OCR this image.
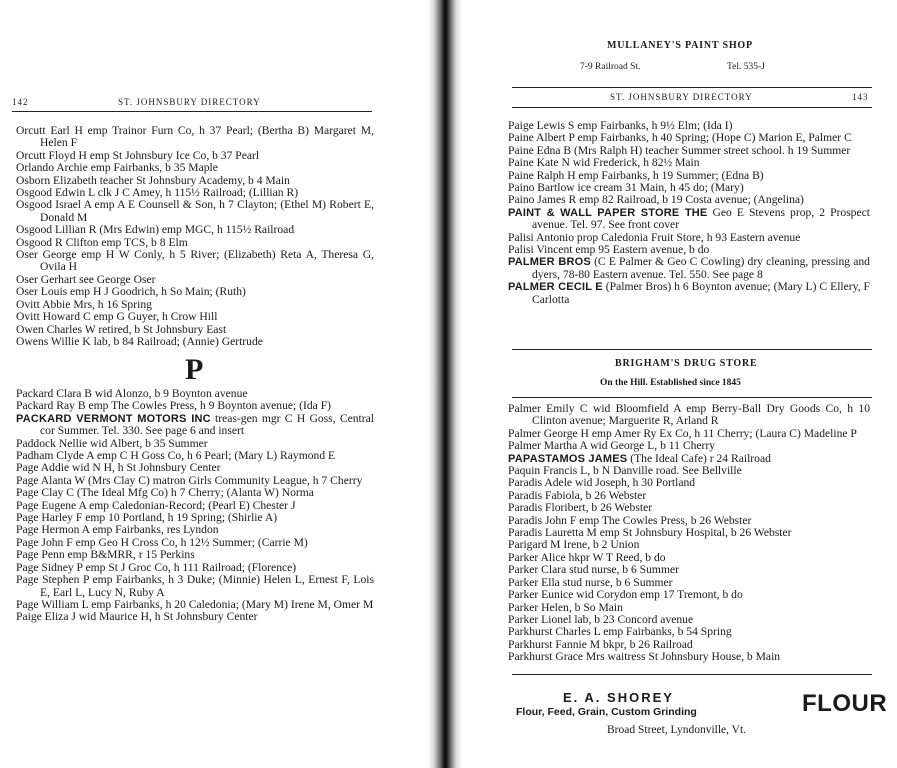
142	ST. JOHNSBURY DIRECTORY

Orcutt Earl H emp Trainor Furn Co, h 37 Pearl; (Bertha B) Margaret M, Helen F

Orcutt Floyd H emp St Johnsbury Ice Co, b 37 Pearl

Orlando Archie emp Fairbanks, b 35 Maple

Osborn Elizabeth teacher St Johnsbury Academy, b 4 Main

Osgood Edwin L clk J C Amey, h 115½ Railroad; (Lillian R)

Osgood Israel A emp A E Counsell & Son, h 7 Clayton; (Ethel M) Robert E, Donald M

Osgood Lillian R (Mrs Edwin) emp MGC, h 115½ Railroad

Osgood R Clifton emp TCS, b 8 Elm

Oser George emp H W Conly, h 5 River; (Elizabeth) Reta A, Theresa G, Ovila H

Oser Gerhart see George Oser

Oser Louis emp H J Goodrich, h So Main; (Ruth)

Ovitt Abbie Mrs, h 16 Spring

Ovitt Howard C emp G Guyer, h Crow Hill

Owen Charles W retired, b St Johnsbury East

Owens Willie K lab, b 84 Railroad; (Annie) Gertrude

P

Packard Clara B wid Alonzo, b 9 Boynton avenue

Packard Ray B emp The Cowles Press, h 9 Boynton avenue; (Ida F)

PACKARD VERMONT MOTORS INC treas-gen mgr C H Goss, Central cor Summer. Tel. 330. See page 6 and insert

Paddock Nellie wid Albert, b 35 Summer

Padham Clyde A emp C H Goss Co, h 6 Pearl; (Mary L) Raymond E

Page Addie wid N H, h St Johnsbury Center

Page Alanta W (Mrs Clay C) matron Girls Community League, h 7 Cherry

Page Clay C (The Ideal Mfg Co) h 7 Cherry; (Alanta W) Norma

Page Eugene A emp Caledonian-Record; (Pearl E) Chester J

Page Harley F emp 10 Portland, h 19 Spring; (Shirlie A)

Page Hermon A emp Fairbanks, res Lyndon

Page John F emp Geo H Cross Co, h 12½ Summer; (Carrie M)

Page Penn emp B&MRR, r 15 Perkins

Page Sidney P emp St J Groc Co, h 111 Railroad; (Florence)

Page Stephen P emp Fairbanks, h 3 Duke; (Minnie) Helen L, Ernest F, Lois E, Earl L, Lucy N, Ruby A

Page William L emp Fairbanks, h 20 Caledonia; (Mary M) Irene M, Omer M

Paige Eliza J wid Maurice H, h St Johnsbury Center

MULLANEY'S PAINT SHOP
7-9 Railroad St.	Tel. 535-J
ST. JOHNSBURY DIRECTORY	143

Paige Lewis S emp Fairbanks, h 9½ Elm; (Ida I)

Paine Albert P emp Fairbanks, h 40 Spring; (Hope C) Marion E, Palmer C

Paine Edna B (Mrs Ralph H) teacher Summer street school. h 19 Summer

Paine Kate N wid Frederick, h 82½ Main

Paine Ralph H emp Fairbanks, h 19 Summer; (Edna B)

Paino Bartlow ice cream 31 Main, h 45 do; (Mary)

Paino James R emp 82 Railroad, b 19 Costa avenue; (Angelina)

PAINT & WALL PAPER STORE THE Geo E Stevens prop, 2 Prospect avenue. Tel. 97. See front cover

Palisi Antonio prop Caledonia Fruit Store, h 93 Eastern avenue

Palisi Vincent emp 95 Eastern avenue, b do

PALMER BROS (C E Palmer & Geo C Cowling) dry cleaning, pressing and dyers, 78-80 Eastern avenue. Tel. 550. See page 8

PALMER CECIL E (Palmer Bros) h 6 Boynton avenue; (Mary L) C Ellery, F Carlotta

BRIGHAM'S DRUG STORE
On the Hill. Established since 1845

Palmer Emily C wid Bloomfield A emp Berry-Ball Dry Goods Co, h 10 Clinton avenue; Marguerite R, Arland R

Palmer George H emp Amer Ry Ex Co, h 11 Cherry; (Laura C) Madeline P

Palmer Martha A wid George L, b 11 Cherry

PAPASTAMOS JAMES (The Ideal Cafe) r 24 Railroad

Paquin Francis L, b N Danville road. See Bellville

Paradis Adele wid Joseph, h 30 Portland

Paradis Fabiola, b 26 Webster

Paradis Floribert, b 26 Webster

Paradis John F emp The Cowles Press, b 26 Webster

Paradis Lauretta M emp St Johnsbury Hospital, b 26 Webster

Parigard M Irene, b 2 Union

Parker Alice hkpr W T Reed, b do

Parker Clara stud nurse, b 6 Summer

Parker Ella stud nurse, b 6 Summer

Parker Eunice wid Corydon emp 17 Tremont, b do

Parker Helen, b So Main

Parker Lionel lab, b 23 Concord avenue

Parkhurst Charles L emp Fairbanks, b 54 Spring

Parkhurst Fannie M bkpr, b 26 Railroad

Parkhurst Grace Mrs waitress St Johnsbury House, b Main

E. A. SHOREY
Flour, Feed, Grain, Custom Grinding
Broad Street, Lyndonville, Vt.
FLOUR
